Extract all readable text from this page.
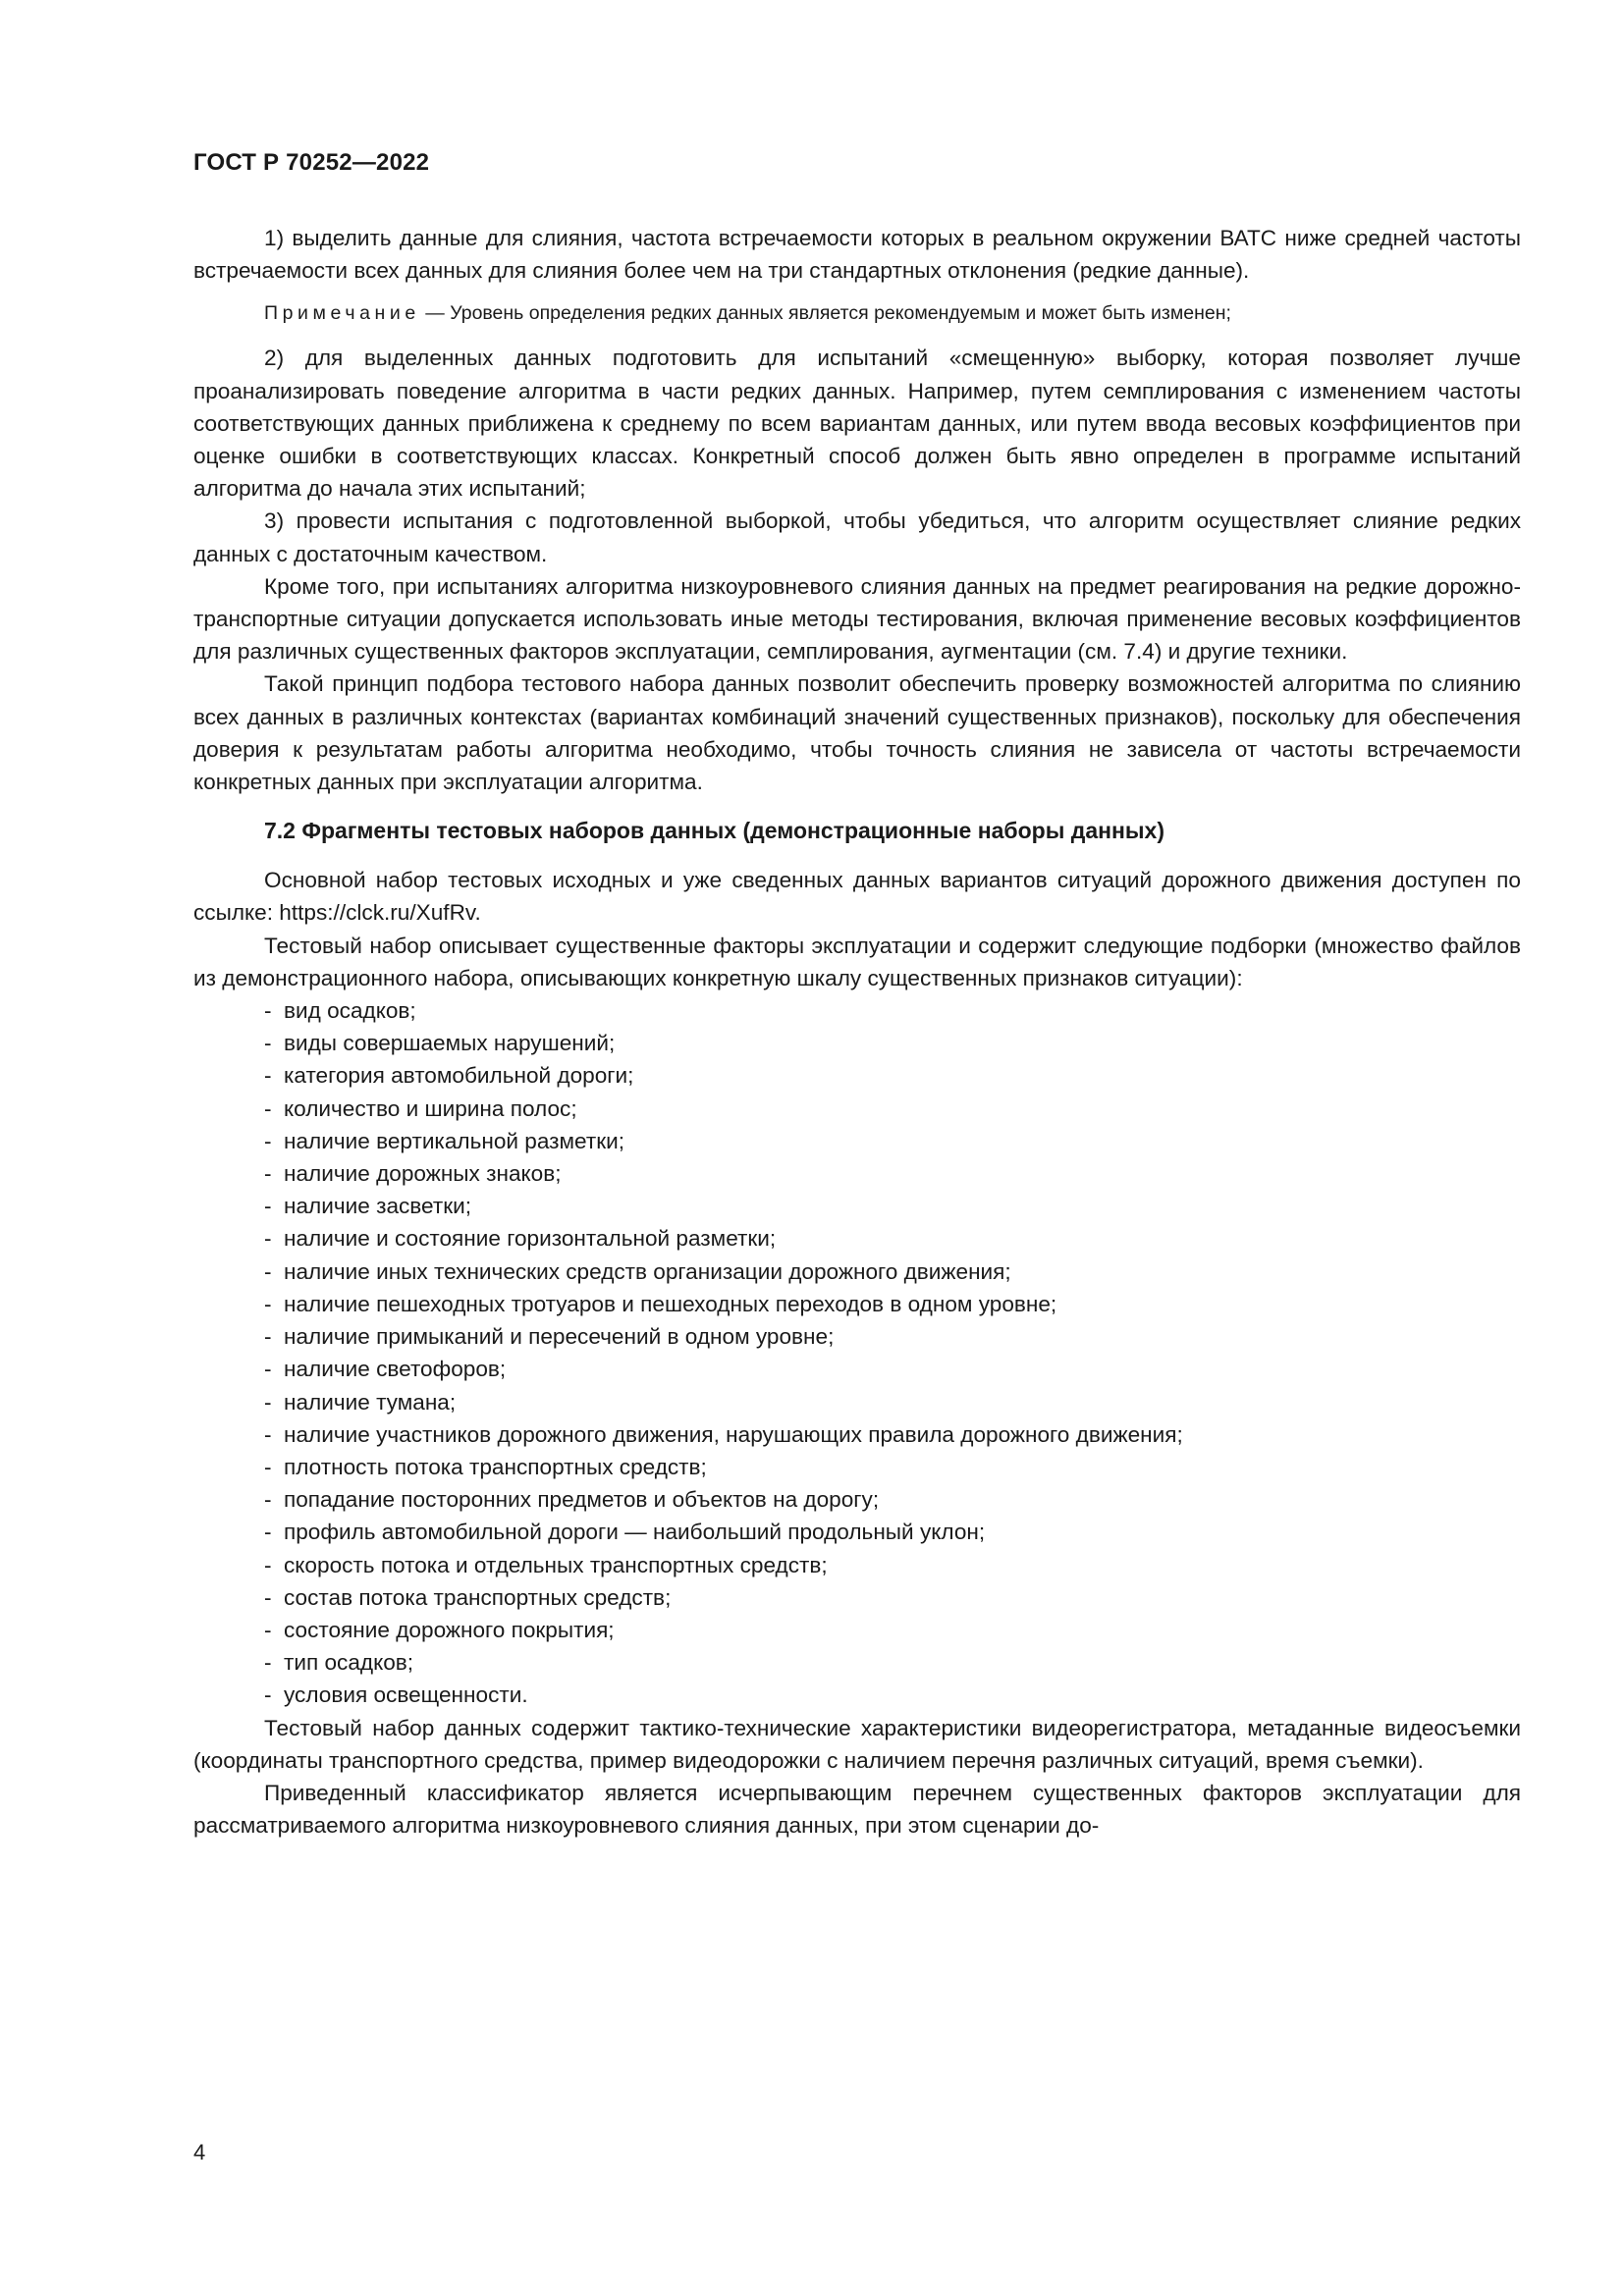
ГОСТ Р 70252—2022

1) выделить данные для слияния, частота встречаемости которых в реальном окружении ВАТС ниже средней частоты встречаемости всех данных для слияния более чем на три стандартных отклонения (редкие данные).

Примечание — Уровень определения редких данных является рекомендуемым и может быть изменен;

2) для выделенных данных подготовить для испытаний «смещенную» выборку, которая позволяет лучше проанализировать поведение алгоритма в части редких данных. Например, путем семплирования с изменением частоты соответствующих данных приближена к среднему по всем вариантам данных, или путем ввода весовых коэффициентов при оценке ошибки в соответствующих классах. Конкретный способ должен быть явно определен в программе испытаний алгоритма до начала этих испытаний;

3) провести испытания с подготовленной выборкой, чтобы убедиться, что алгоритм осуществляет слияние редких данных с достаточным качеством.

Кроме того, при испытаниях алгоритма низкоуровневого слияния данных на предмет реагирования на редкие дорожно-транспортные ситуации допускается использовать иные методы тестирования, включая применение весовых коэффициентов для различных существенных факторов эксплуатации, семплирования, аугментации (см. 7.4) и другие техники.

Такой принцип подбора тестового набора данных позволит обеспечить проверку возможностей алгоритма по слиянию всех данных в различных контекстах (вариантах комбинаций значений существенных признаков), поскольку для обеспечения доверия к результатам работы алгоритма необходимо, чтобы точность слияния не зависела от частоты встречаемости конкретных данных при эксплуатации алгоритма.

7.2 Фрагменты тестовых наборов данных (демонстрационные наборы данных)

Основной набор тестовых исходных и уже сведенных данных вариантов ситуаций дорожного движения доступен по ссылке: https://clck.ru/XufRv.

Тестовый набор описывает существенные факторы эксплуатации и содержит следующие подборки (множество файлов из демонстрационного набора, описывающих конкретную шкалу существенных признаков ситуации):

- вид осадков;
- виды совершаемых нарушений;
- категория автомобильной дороги;
- количество и ширина полос;
- наличие вертикальной разметки;
- наличие дорожных знаков;
- наличие засветки;
- наличие и состояние горизонтальной разметки;
- наличие иных технических средств организации дорожного движения;
- наличие пешеходных тротуаров и пешеходных переходов в одном уровне;
- наличие примыканий и пересечений в одном уровне;
- наличие светофоров;
- наличие тумана;
- наличие участников дорожного движения, нарушающих правила дорожного движения;
- плотность потока транспортных средств;
- попадание посторонних предметов и объектов на дорогу;
- профиль автомобильной дороги — наибольший продольный уклон;
- скорость потока и отдельных транспортных средств;
- состав потока транспортных средств;
- состояние дорожного покрытия;
- тип осадков;
- условия освещенности.

Тестовый набор данных содержит тактико-технические характеристики видеорегистратора, метаданные видеосъемки (координаты транспортного средства, пример видеодорожки с наличием перечня различных ситуаций, время съемки).

Приведенный классификатор является исчерпывающим перечнем существенных факторов эксплуатации для рассматриваемого алгоритма низкоуровневого слияния данных, при этом сценарии до-

4
